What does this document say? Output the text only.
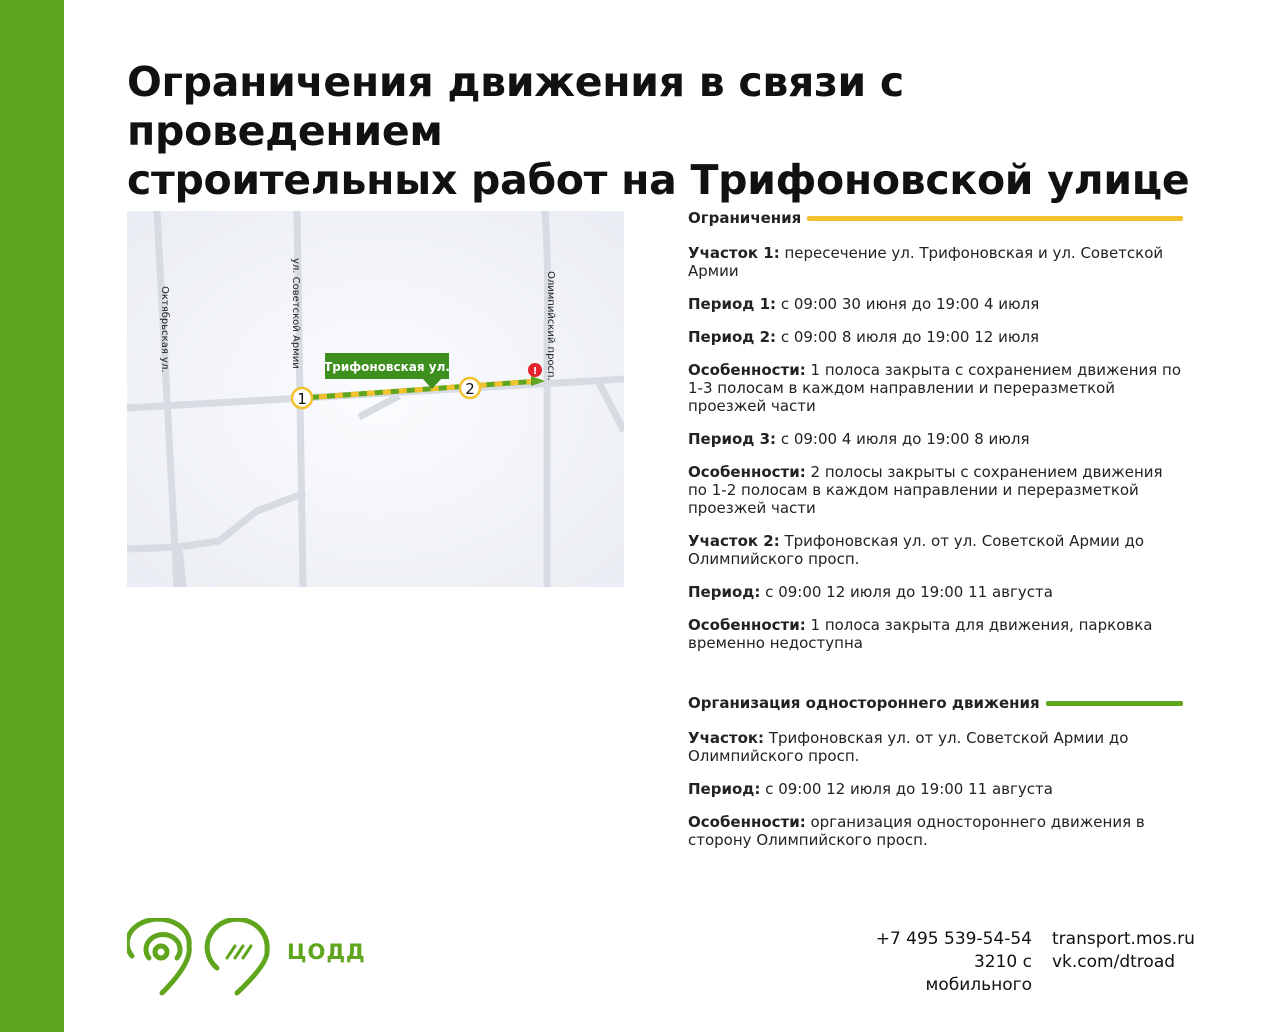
Ограничения движения в связи с проведением
строительных работ на Трифоновской улице
Трифоновская ул.
1
2
!
Октябрьская ул.	ул. Советской Армии	Олимпийский просп.
Ограничения
Участок 1: пересечение ул. Трифоновская и ул. Советской Армии
Период 1: с 09:00 30 июня до 19:00 4 июля
Период 2: с 09:00 8 июля до 19:00 12 июля
Особенности: 1 полоса закрыта с сохранением движения по 1-3 полосам в каждом направлении и переразметкой проезжей части
Период 3: с 09:00 4 июля до 19:00 8 июля
Особенности: 2 полосы закрыты с сохранением движения по 1-2 полосам в каждом направлении и переразметкой проезжей части
Участок 2: Трифоновская ул. от ул. Советской Армии до Олимпийского просп.
Период: с 09:00 12 июля до 19:00 11 августа
Особенности: 1 полоса закрыта для движения, парковка временно недоступна
Организация одностороннего движения
Участок: Трифоновская ул. от ул. Советской Армии до Олимпийского просп.
Период: с 09:00 12 июля до 19:00 11 августа
Особенности: организация одностороннего движения в сторону Олимпийского просп.
ЦОДД
+7 495 539-54-54
3210 с мобильного
transport.mos.ru
vk.com/dtroad
